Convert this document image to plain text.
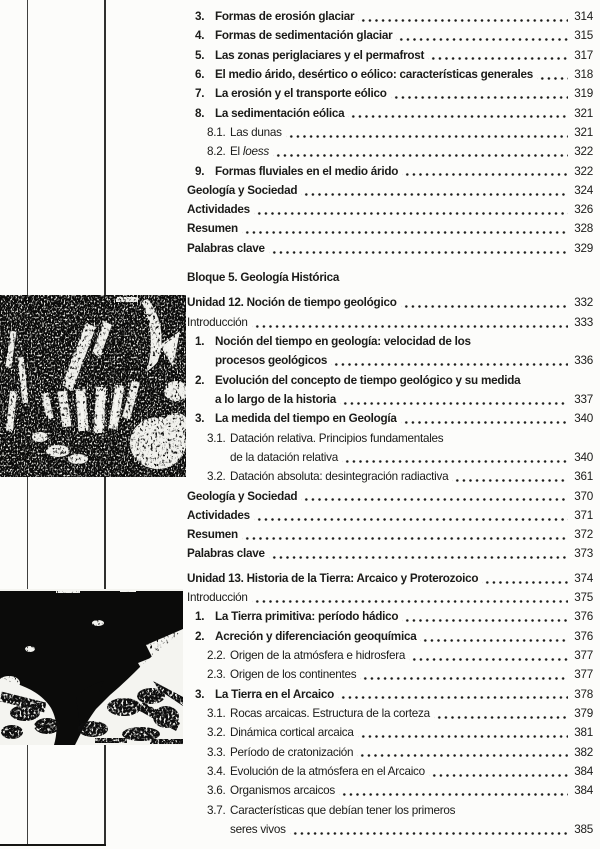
3. Formas de erosión glaciar	314
4. Formas de sedimentación glaciar	315
5. Las zonas periglaciares y el permafrost	317
6. El medio árido, desértico o eólico: características generales	318
7. La erosión y el transporte eólico	319
8. La sedimentación eólica	321
8.1. Las dunas	321
8.2. El loess	322
9. Formas fluviales en el medio árido	322
Geología y Sociedad	324
Actividades	326
Resumen	328
Palabras clave	329
Bloque 5. Geología Histórica
Unidad 12. Noción de tiempo geológico	332
Introducción	333
1. Noción del tiempo en geología: velocidad de los
procesos geológicos	336
2. Evolución del concepto de tiempo geológico y su medida
a lo largo de la historia	337
3. La medida del tiempo en Geología	340
3.1. Datación relativa. Principios fundamentales
de la datación relativa	340
3.2. Datación absoluta: desintegración radiactiva	361
Geología y Sociedad	370
Actividades	371
Resumen	372
Palabras clave	373
Unidad 13. Historia de la Tierra: Arcaico y Proterozoico	374
Introducción	375
1. La Tierra primitiva: período hádico	376
2. Acreción y diferenciación geoquímica	376
2.2. Origen de la atmósfera e hidrosfera	377
2.3. Origen de los continentes	377
3. La Tierra en el Arcaico	378
3.1. Rocas arcaicas. Estructura de la corteza	379
3.2. Dinámica cortical arcaica	381
3.3. Período de cratonización	382
3.4. Evolución de la atmósfera en el Arcaico	384
3.6. Organismos arcaicos	384
3.7. Características que debían tener los primeros
seres vivos	385
